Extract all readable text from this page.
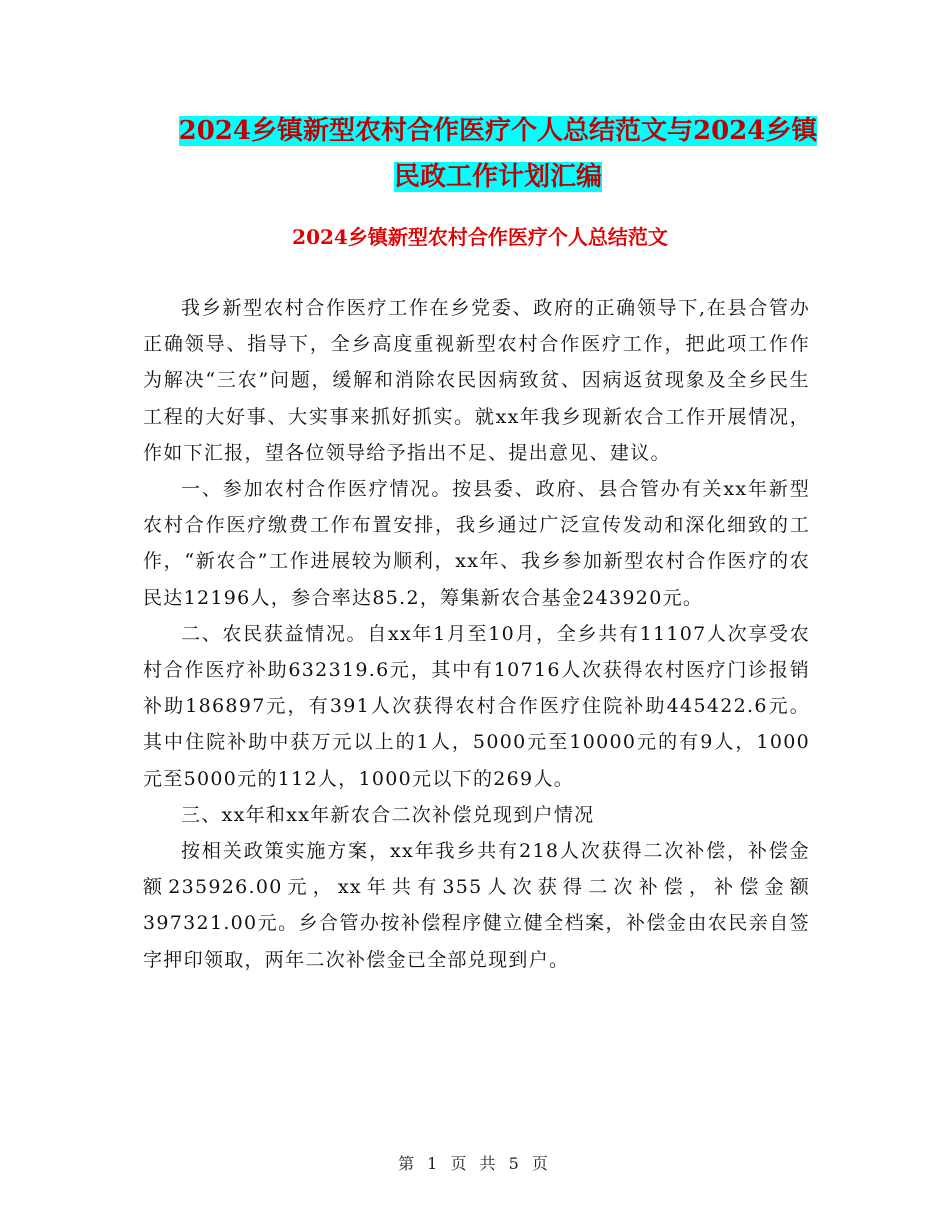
2024乡镇新型农村合作医疗个人总结范文与2024乡镇
民政工作计划汇编
2024乡镇新型农村合作医疗个人总结范文

我乡新型农村合作医疗工作在乡党委、政府的正确领导下,在县合管办正确领导、指导下，全乡高度重视新型农村合作医疗工作，把此项工作作为解决“三农”问题，缓解和消除农民因病致贫、因病返贫现象及全乡民生工程的大好事、大实事来抓好抓实。就xx年我乡现新农合工作开展情况，作如下汇报，望各位领导给予指出不足、提出意见、建议。

一、参加农村合作医疗情况。按县委、政府、县合管办有关xx年新型农村合作医疗缴费工作布置安排，我乡通过广泛宣传发动和深化细致的工作，“新农合”工作进展较为顺利，xx年、我乡参加新型农村合作医疗的农民达12196人，参合率达85.2，筹集新农合基金243920元。

二、农民获益情况。自xx年1月至10月，全乡共有11107人次享受农村合作医疗补助632319.6元，其中有10716人次获得农村医疗门诊报销补助186897元，有391人次获得农村合作医疗住院补助445422.6元。其中住院补助中获万元以上的1人，5000元至10000元的有9人，1000元至5000元的112人，1000元以下的269人。

三、xx年和xx年新农合二次补偿兑现到户情况

按相关政策实施方案，xx年我乡共有218人次获得二次补偿，补偿金额235926.00元，xx年共有355人次获得二次补偿，补偿金额397321.00元。乡合管办按补偿程序健立健全档案，补偿金由农民亲自签字押印领取，两年二次补偿金已全部兑现到户。

第 1 页 共 5 页
